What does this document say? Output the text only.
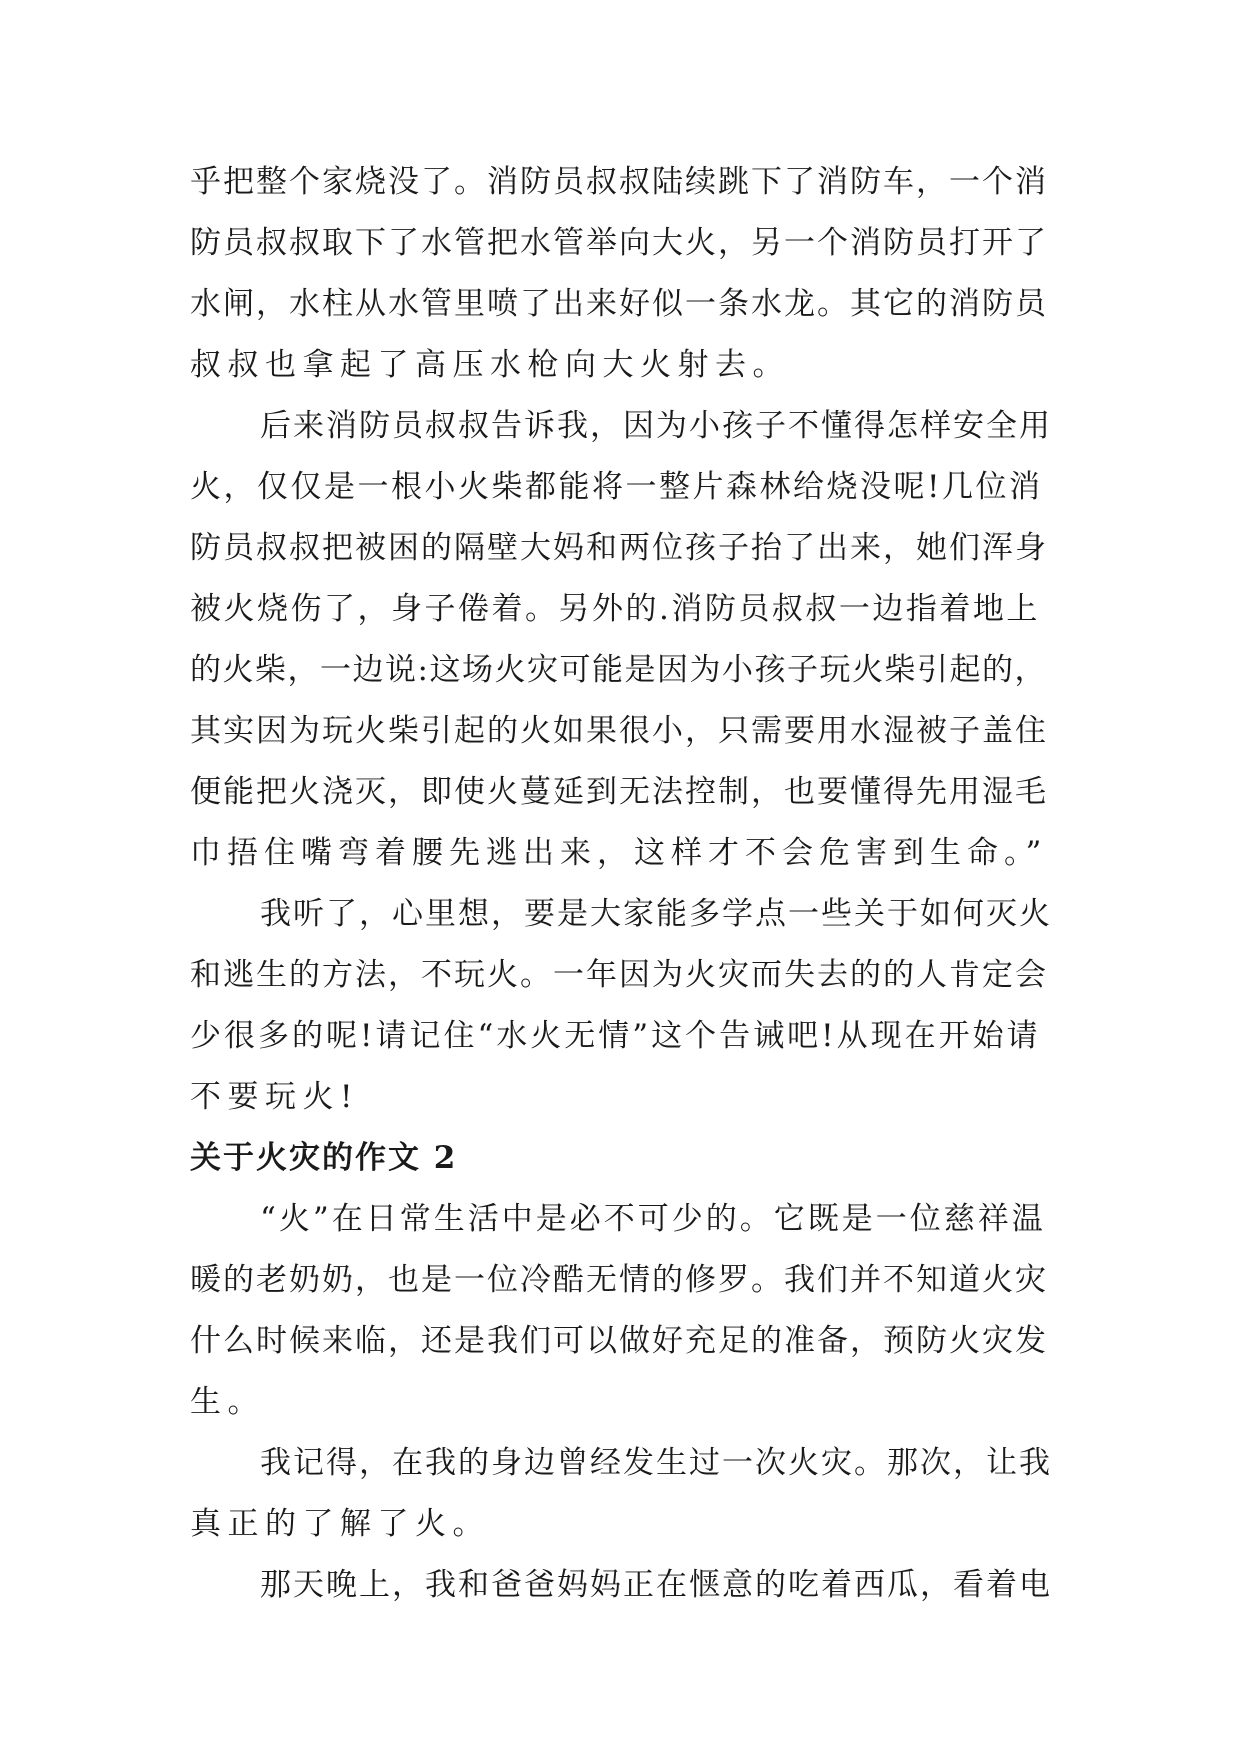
乎把整个家烧没了。消防员叔叔陆续跳下了消防车，一个消
防员叔叔取下了水管把水管举向大火，另一个消防员打开了
水闸，水柱从水管里喷了出来好似一条水龙。其它的消防员
叔叔也拿起了高压水枪向大火射去。

后来消防员叔叔告诉我，因为小孩子不懂得怎样安全用
火，仅仅是一根小火柴都能将一整片森林给烧没呢!几位消
防员叔叔把被困的隔壁大妈和两位孩子抬了出来，她们浑身
被火烧伤了，身子倦着。另外的.消防员叔叔一边指着地上
的火柴，一边说:这场火灾可能是因为小孩子玩火柴引起的，
其实因为玩火柴引起的火如果很小，只需要用水湿被子盖住
便能把火浇灭，即使火蔓延到无法控制，也要懂得先用湿毛
巾捂住嘴弯着腰先逃出来，这样才不会危害到生命。”

我听了，心里想，要是大家能多学点一些关于如何灭火
和逃生的方法，不玩火。一年因为火灾而失去的的人肯定会
少很多的呢!请记住“水火无情”这个告诫吧!从现在开始请
不要玩火!

关于火灾的作文 2

“火”在日常生活中是必不可少的。它既是一位慈祥温
暖的老奶奶，也是一位冷酷无情的修罗。我们并不知道火灾
什么时候来临，还是我们可以做好充足的准备，预防火灾发
生。

我记得，在我的身边曾经发生过一次火灾。那次，让我
真正的了解了火。

那天晚上，我和爸爸妈妈正在惬意的吃着西瓜，看着电
